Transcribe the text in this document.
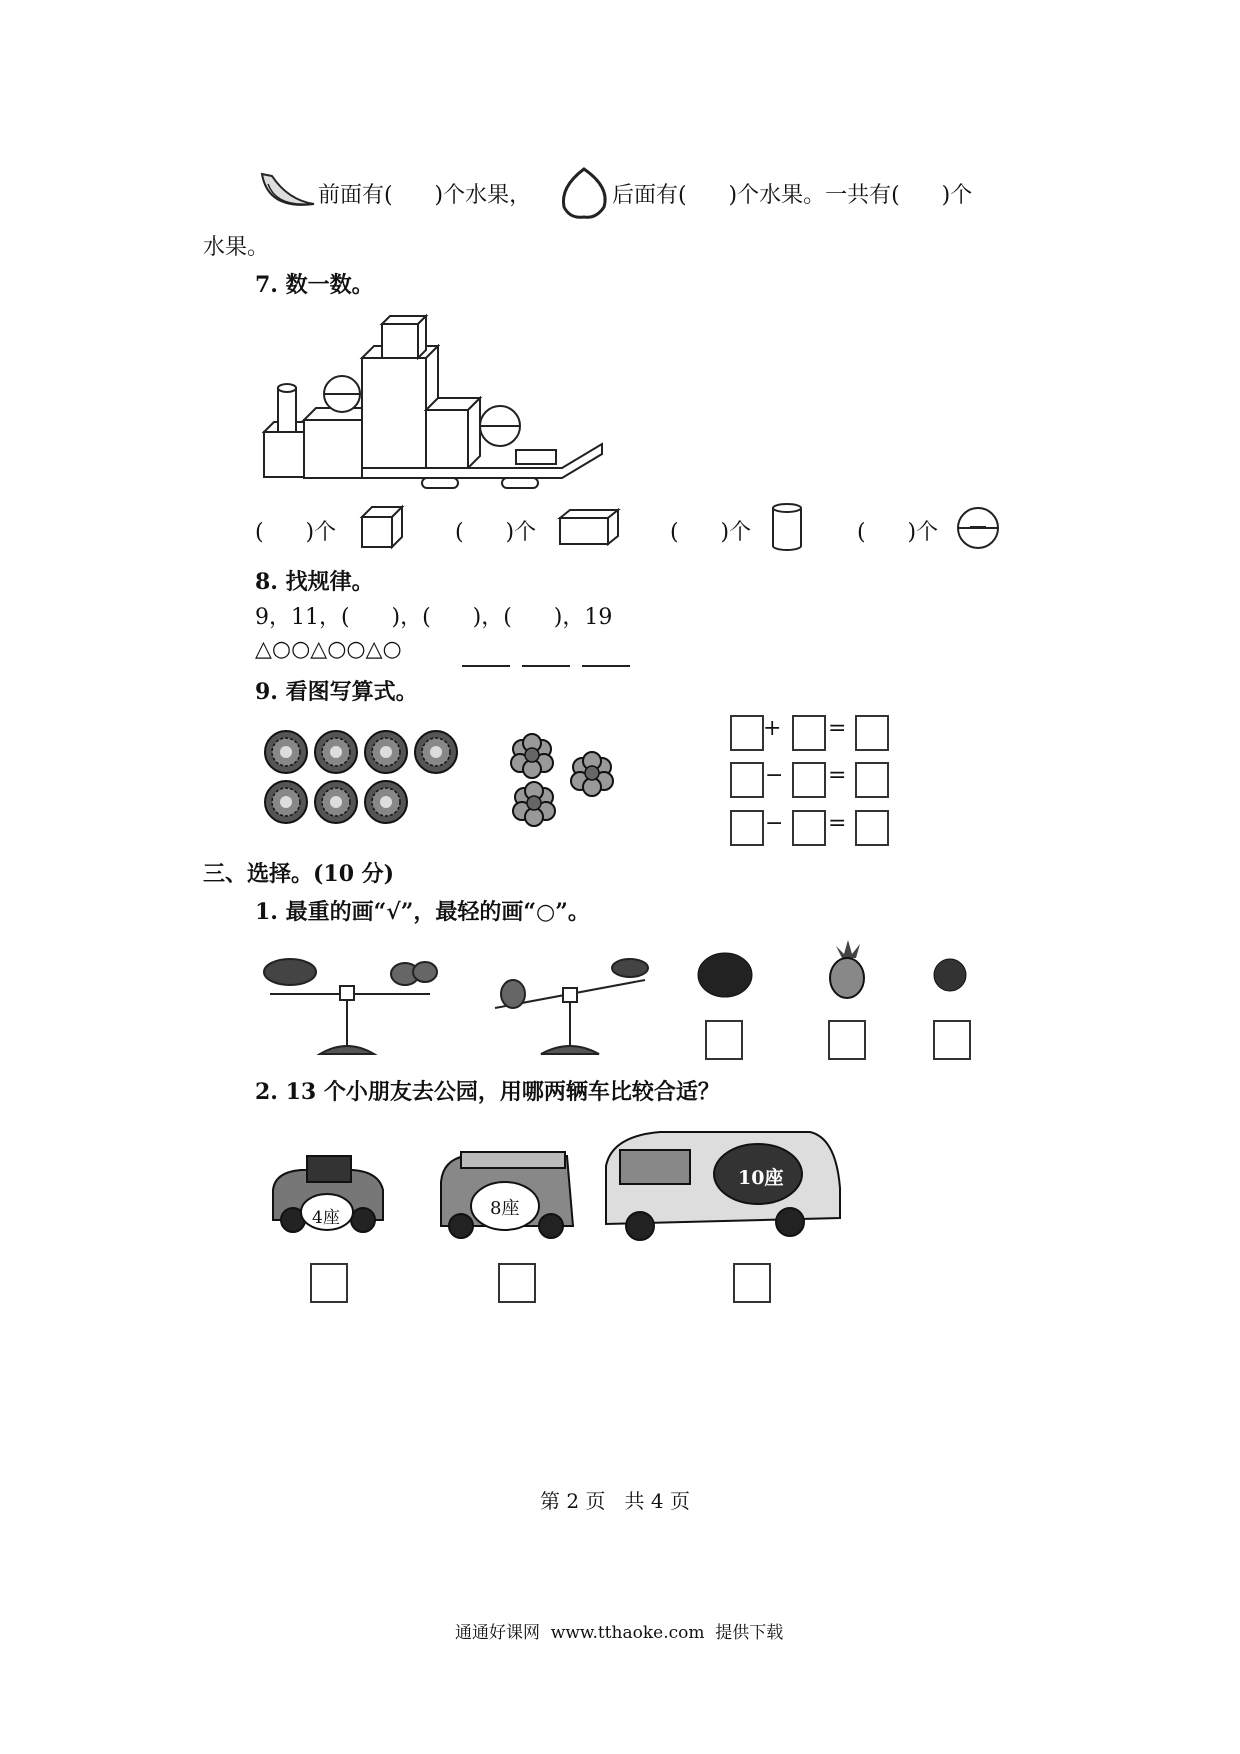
前面有(      )个水果，	后面有(      )个水果。一共有(      )个
水果。
7. 数一数。
(      )个	(      )个	(      )个	(      )个
8. 找规律。
9，11，(      )，(      )，(      )，19
△○○△○○△○
9. 看图写算式。
+ =
− =
− =
三、选择。(10 分)
1. 最重的画“√”，最轻的画“○”。
2. 13 个小朋友去公园，用哪两辆车比较合适？
4座	8座
10座
第 2 页   共 4 页
通通好课网  www.tthaoke.com  提供下载
